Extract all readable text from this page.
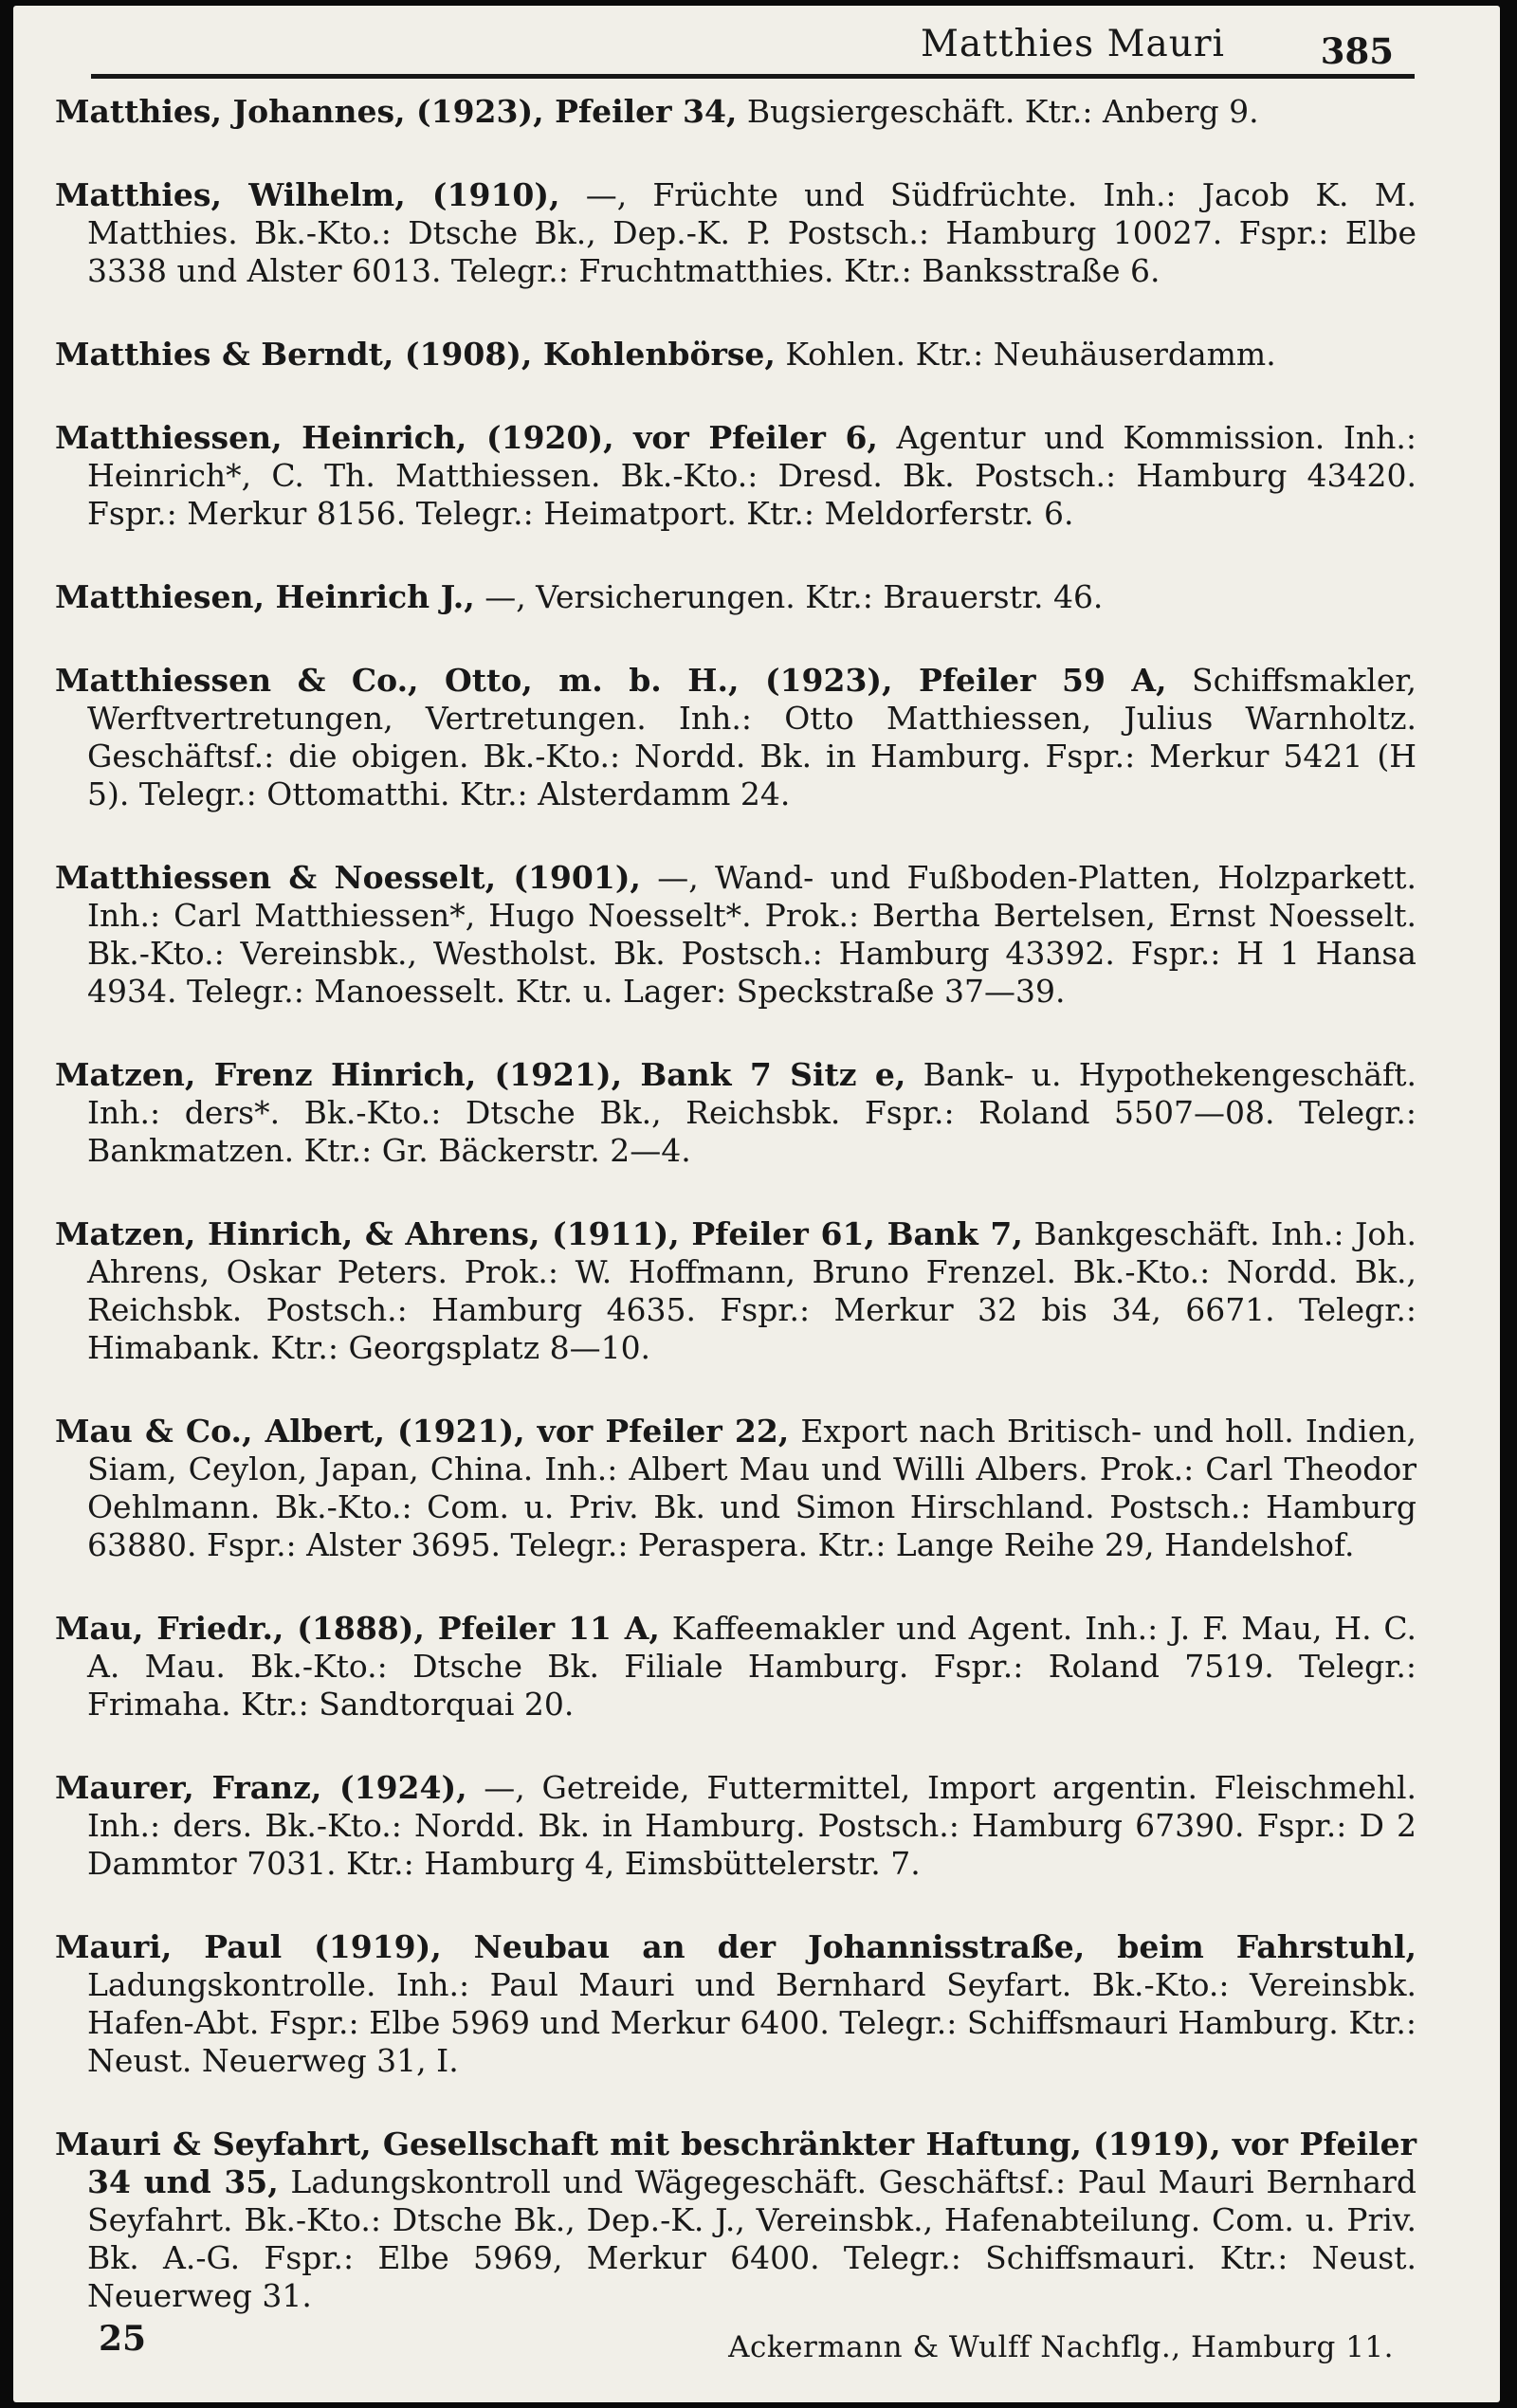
Matthies Mauri	385

Matthies, Johannes, (1923), Pfeiler 34, Bugsiergeschäft. Ktr.: Anberg 9.

Matthies, Wilhelm, (1910), —, Früchte und Südfrüchte. Inh.: Jacob K. M. Matthies. Bk.-Kto.: Dtsche Bk., Dep.-K. P. Postsch.: Hamburg 10027. Fspr.: Elbe 3338 und Alster 6013. Telegr.: Fruchtmatthies. Ktr.: Banksstraße 6.

Matthies & Berndt, (1908), Kohlenbörse, Kohlen. Ktr.: Neuhäuserdamm.

Matthiessen, Heinrich, (1920), vor Pfeiler 6, Agentur und Kommission. Inh.: Heinrich*, C. Th. Matthiessen. Bk.-Kto.: Dresd. Bk. Postsch.: Hamburg 43420. Fspr.: Merkur 8156. Telegr.: Heimatport. Ktr.: Meldorferstr. 6.

Matthiesen, Heinrich J., —, Versicherungen. Ktr.: Brauerstr. 46.

Matthiessen & Co., Otto, m. b. H., (1923), Pfeiler 59 A, Schiffsmakler, Werftvertretungen, Vertretungen. Inh.: Otto Matthiessen, Julius Warnholtz. Geschäftsf.: die obigen. Bk.-Kto.: Nordd. Bk. in Hamburg. Fspr.: Merkur 5421 (H 5). Telegr.: Ottomatthi. Ktr.: Alsterdamm 24.

Matthiessen & Noesselt, (1901), —, Wand- und Fußboden-Platten, Holzparkett. Inh.: Carl Matthiessen*, Hugo Noesselt*. Prok.: Bertha Bertelsen, Ernst Noesselt. Bk.-Kto.: Vereinsbk., Westholst. Bk. Postsch.: Hamburg 43392. Fspr.: H 1 Hansa 4934. Telegr.: Manoesselt. Ktr. u. Lager: Speckstraße 37—39.

Matzen, Frenz Hinrich, (1921), Bank 7 Sitz e, Bank- u. Hypothekengeschäft. Inh.: ders*. Bk.-Kto.: Dtsche Bk., Reichsbk. Fspr.: Roland 5507—08. Telegr.: Bankmatzen. Ktr.: Gr. Bäckerstr. 2—4.

Matzen, Hinrich, & Ahrens, (1911), Pfeiler 61, Bank 7, Bankgeschäft. Inh.: Joh. Ahrens, Oskar Peters. Prok.: W. Hoffmann, Bruno Frenzel. Bk.-Kto.: Nordd. Bk., Reichsbk. Postsch.: Hamburg 4635. Fspr.: Merkur 32 bis 34, 6671. Telegr.: Himabank. Ktr.: Georgsplatz 8—10.

Mau & Co., Albert, (1921), vor Pfeiler 22, Export nach Britisch- und holl. Indien, Siam, Ceylon, Japan, China. Inh.: Albert Mau und Willi Albers. Prok.: Carl Theodor Oehlmann. Bk.-Kto.: Com. u. Priv. Bk. und Simon Hirschland. Postsch.: Hamburg 63880. Fspr.: Alster 3695. Telegr.: Peraspera. Ktr.: Lange Reihe 29, Handelshof.

Mau, Friedr., (1888), Pfeiler 11 A, Kaffeemakler und Agent. Inh.: J. F. Mau, H. C. A. Mau. Bk.-Kto.: Dtsche Bk. Filiale Hamburg. Fspr.: Roland 7519. Telegr.: Frimaha. Ktr.: Sandtorquai 20.

Maurer, Franz, (1924), —, Getreide, Futtermittel, Import argentin. Fleischmehl. Inh.: ders. Bk.-Kto.: Nordd. Bk. in Hamburg. Postsch.: Hamburg 67390. Fspr.: D 2 Dammtor 7031. Ktr.: Hamburg 4, Eimsbüttelerstr. 7.

Mauri, Paul (1919), Neubau an der Johannisstraße, beim Fahrstuhl, Ladungskontrolle. Inh.: Paul Mauri und Bernhard Seyfart. Bk.-Kto.: Vereinsbk. Hafen-Abt. Fspr.: Elbe 5969 und Merkur 6400. Telegr.: Schiffsmauri Hamburg. Ktr.: Neust. Neuerweg 31, I.

Mauri & Seyfahrt, Gesellschaft mit beschränkter Haftung, (1919), vor Pfeiler 34 und 35, Ladungskontroll und Wägegeschäft. Geschäftsf.: Paul Mauri Bernhard Seyfahrt. Bk.-Kto.: Dtsche Bk., Dep.-K. J., Vereinsbk., Hafenabteilung. Com. u. Priv. Bk. A.-G. Fspr.: Elbe 5969, Merkur 6400. Telegr.: Schiffsmauri. Ktr.: Neust. Neuerweg 31.

25	Ackermann & Wulff Nachflg., Hamburg 11.
